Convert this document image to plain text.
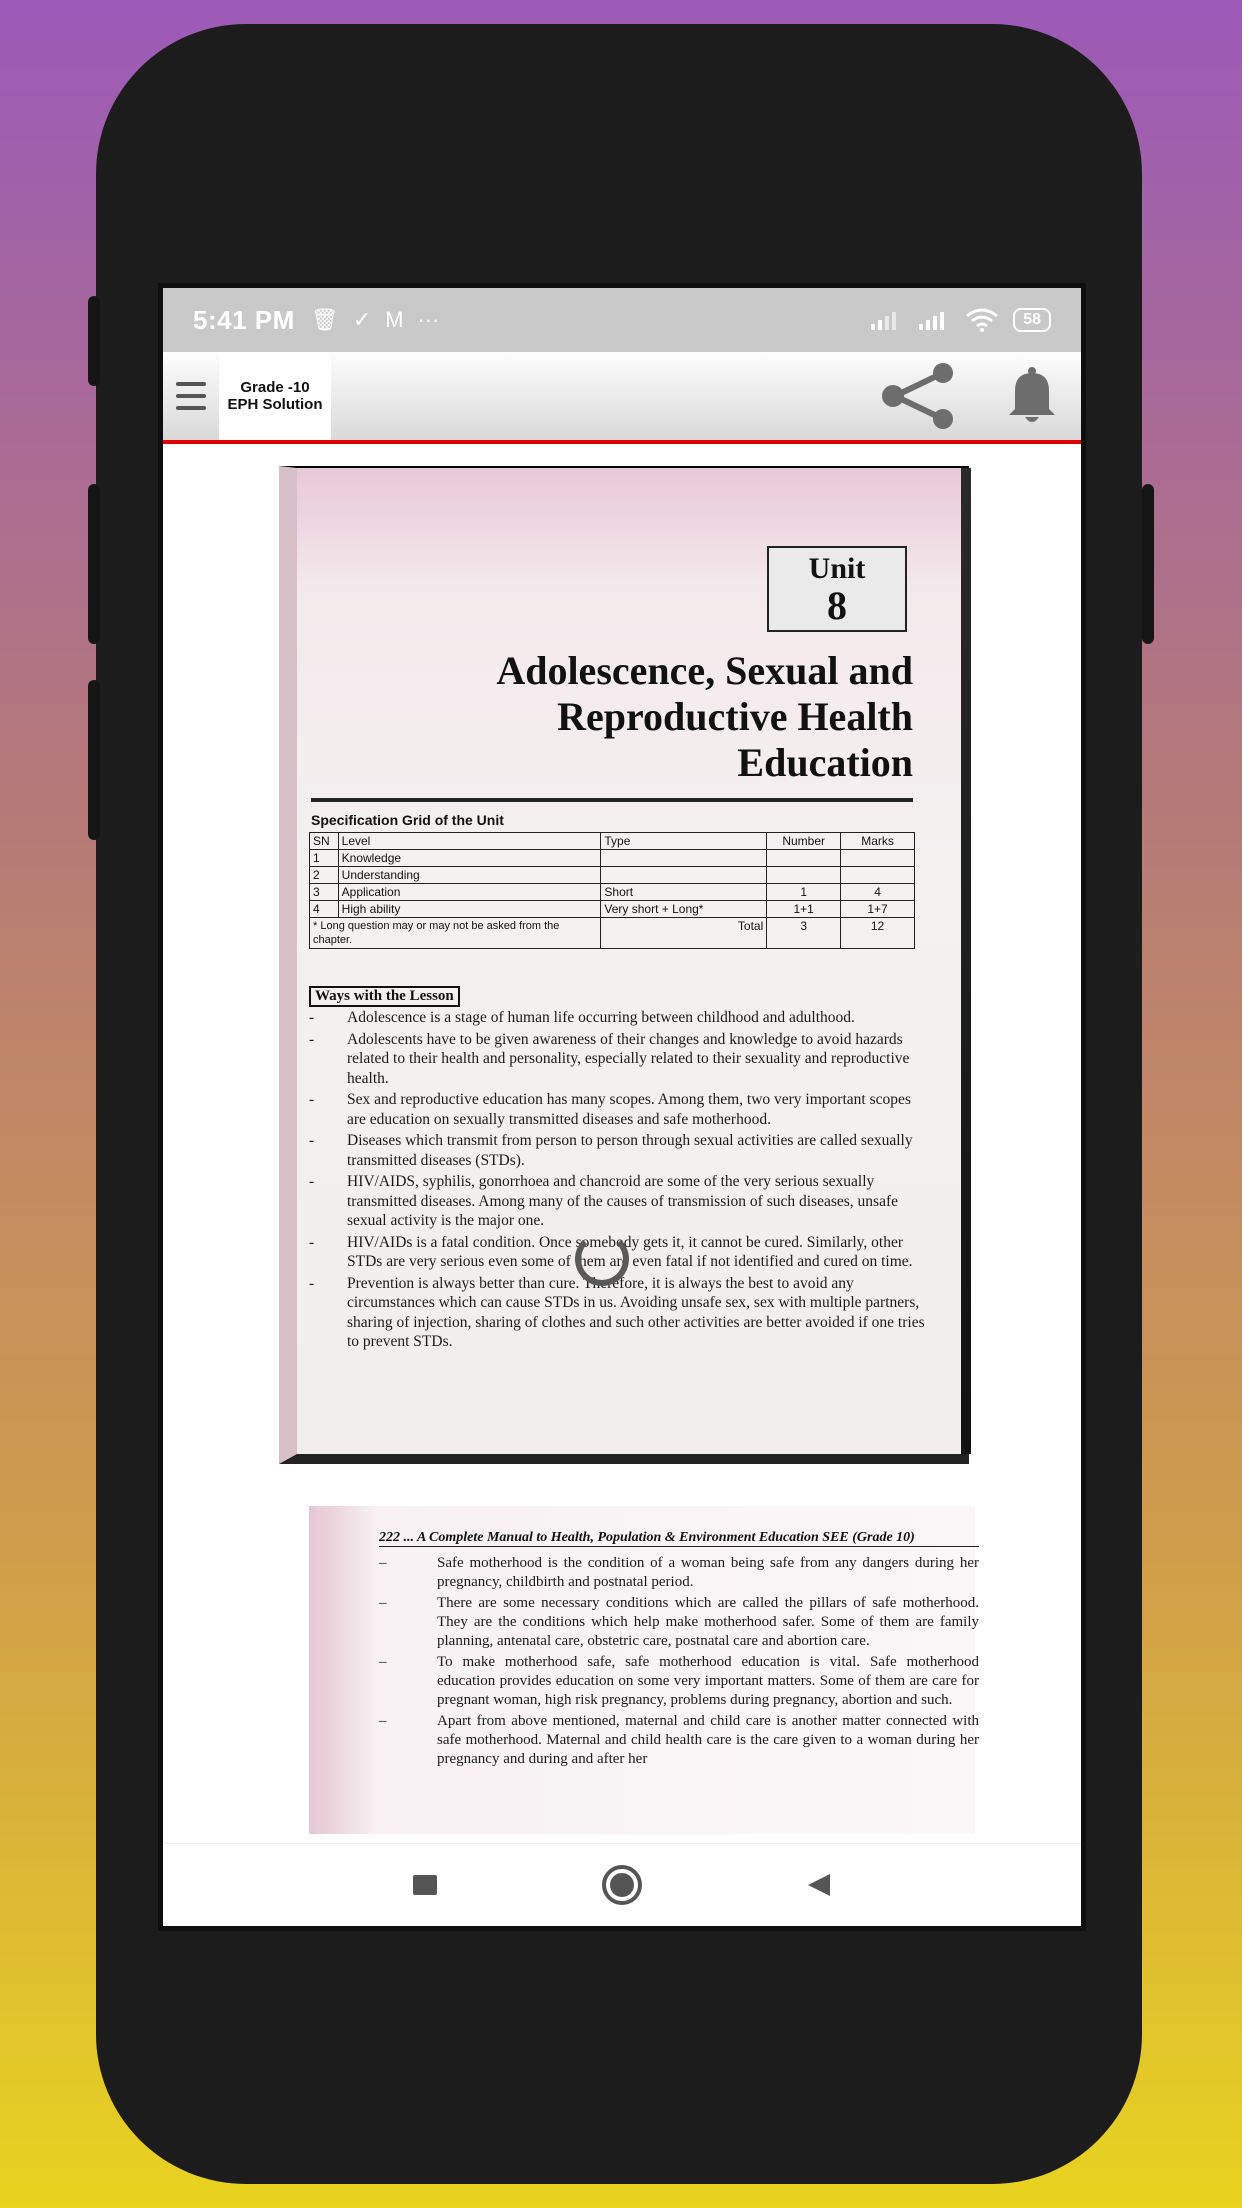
5:41 PM 🗑 ✓ M ···	58
Grade -10
EPH Solution
Unit
8
Adolescence, Sexual and
Reproductive Health
Education
Specification Grid of the Unit
SN	Level	Type	Number	Marks
1	Knowledge			
2	Understanding			
3	Application	Short	1	4
4	High ability	Very short + Long*	1+1	1+7
* Long question may or may not be asked from the chapter.		Total	3	12
Ways with the Lesson
- Adolescence is a stage of human life occurring between childhood and adulthood.
- Adolescents have to be given awareness of their changes and knowledge to avoid hazards related to their health and personality, especially related to their sexuality and reproductive health.
- Sex and reproductive education has many scopes. Among them, two very important scopes are education on sexually transmitted diseases and safe motherhood.
- Diseases which transmit from person to person through sexual activities are called sexually transmitted diseases (STDs).
- HIV/AIDS, syphilis, gonorrhoea and chancroid are some of the very serious sexually transmitted diseases. Among many of the causes of transmission of such diseases, unsafe sexual activity is the major one.
- HIV/AIDs is a fatal condition. Once somebody gets it, it cannot be cured. Similarly, other STDs are very serious even some of them are even fatal if not identified and cured on time.
- Prevention is always better than cure. Therefore, it is always the best to avoid any circumstances which can cause STDs in us. Avoiding unsafe sex, sex with multiple partners, sharing of injection, sharing of clothes and such other activities are better avoided if one tries to prevent STDs.
222 ... A Complete Manual to Health, Population & Environment Education SEE (Grade 10)
– Safe motherhood is the condition of a woman being safe from any dangers during her pregnancy, childbirth and postnatal period.
– There are some necessary conditions which are called the pillars of safe motherhood. They are the conditions which help make motherhood safer. Some of them are family planning, antenatal care, obstetric care, postnatal care and abortion care.
– To make motherhood safe, safe motherhood education is vital. Safe motherhood education provides education on some very important matters. Some of them are care for pregnant woman, high risk pregnancy, problems during pregnancy, abortion and such.
– Apart from above mentioned, maternal and child care is another matter connected with safe motherhood. Maternal and child health care is the care given to a woman during her pregnancy and during and after her
